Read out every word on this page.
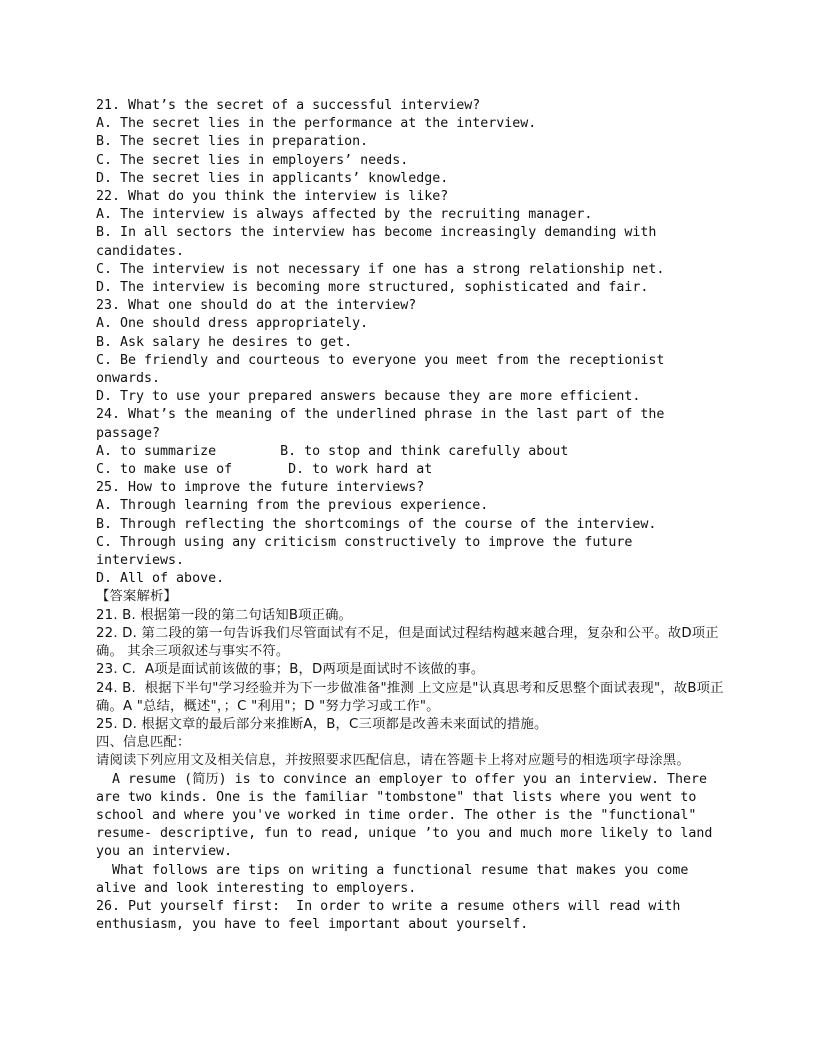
21. What’s the secret of a successful interview?
A. The secret lies in the performance at the interview.
B. The secret lies in preparation.
C. The secret lies in employers’ needs.
D. The secret lies in applicants’ knowledge.
22. What do you think the interview is like?
A. The interview is always affected by the recruiting manager.
B. In all sectors the interview has become increasingly demanding with candidates.
C. The interview is not necessary if one has a strong relationship net.
D. The interview is becoming more structured, sophisticated and fair.
23. What one should do at the interview?
A. One should dress appropriately.
B. Ask salary he desires to get.
C. Be friendly and courteous to everyone you meet from the receptionist onwards.
D. Try to use your prepared answers because they are more efficient.
24. What’s the meaning of the underlined phrase in the last part of the passage?
A. to summarize        B. to stop and think carefully about
C. to make use of       D. to work hard at
25. How to improve the future interviews?
A. Through learning from the previous experience.
B. Through reflecting the shortcomings of the course of the interview.
C. Through using any criticism constructively to improve the future interviews.
D. All of above.
【答案解析】
21. B. 根据第一段的第二句话知B项正确。
22. D. 第二段的第一句告诉我们尽管面试有不足，但是面试过程结构越来越合理，复杂和公平。故D项正确。 其余三项叙述与事实不符。
23. C.  A项是面试前该做的事；B，D两项是面试时不该做的事。
24. B.  根据下半句"学习经验并为下一步做准备"推测 上文应是"认真思考和反思整个面试表现"，故B项正确。A "总结，概述"，；C "利用"；D "努力学习或工作"。
25. D. 根据文章的最后部分来推断A，B，C三项都是改善未来面试的措施。
四、信息匹配：
请阅读下列应用文及相关信息，并按照要求匹配信息，请在答题卡上将对应题号的相选项字母涂黑。
A resume (简历) is to convince an employer to offer you an interview. There are two kinds. One is the familiar "tombstone" that lists where you went to school and where you've worked in time order. The other is the "functional" resume- descriptive, fun to read, unique ’to you and much more likely to land you an interview.
What follows are tips on writing a functional resume that makes you come alive and look interesting to employers.
26. Put yourself first:  In order to write a resume others will read with enthusiasm, you have to feel important about yourself.
